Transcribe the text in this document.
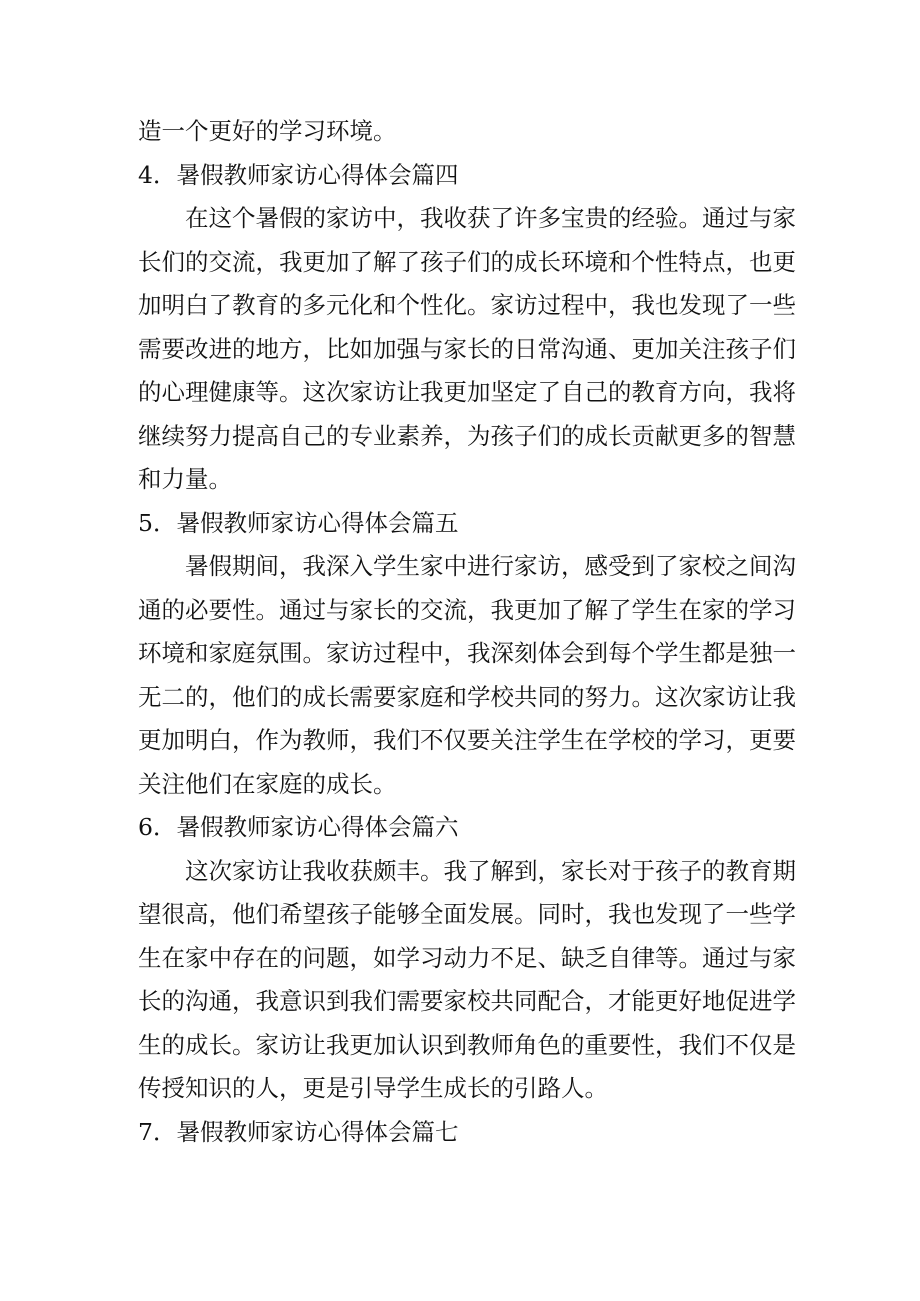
造一个更好的学习环境。
4．暑假教师家访心得体会篇四
在这个暑假的家访中，我收获了许多宝贵的经验。通过与家
长们的交流，我更加了解了孩子们的成长环境和个性特点，也更
加明白了教育的多元化和个性化。家访过程中，我也发现了一些
需要改进的地方，比如加强与家长的日常沟通、更加关注孩子们
的心理健康等。这次家访让我更加坚定了自己的教育方向，我将
继续努力提高自己的专业素养，为孩子们的成长贡献更多的智慧
和力量。
5．暑假教师家访心得体会篇五
暑假期间，我深入学生家中进行家访，感受到了家校之间沟
通的必要性。通过与家长的交流，我更加了解了学生在家的学习
环境和家庭氛围。家访过程中，我深刻体会到每个学生都是独一
无二的，他们的成长需要家庭和学校共同的努力。这次家访让我
更加明白，作为教师，我们不仅要关注学生在学校的学习，更要
关注他们在家庭的成长。
6．暑假教师家访心得体会篇六
这次家访让我收获颇丰。我了解到，家长对于孩子的教育期
望很高，他们希望孩子能够全面发展。同时，我也发现了一些学
生在家中存在的问题，如学习动力不足、缺乏自律等。通过与家
长的沟通，我意识到我们需要家校共同配合，才能更好地促进学
生的成长。家访让我更加认识到教师角色的重要性，我们不仅是
传授知识的人，更是引导学生成长的引路人。
7．暑假教师家访心得体会篇七
